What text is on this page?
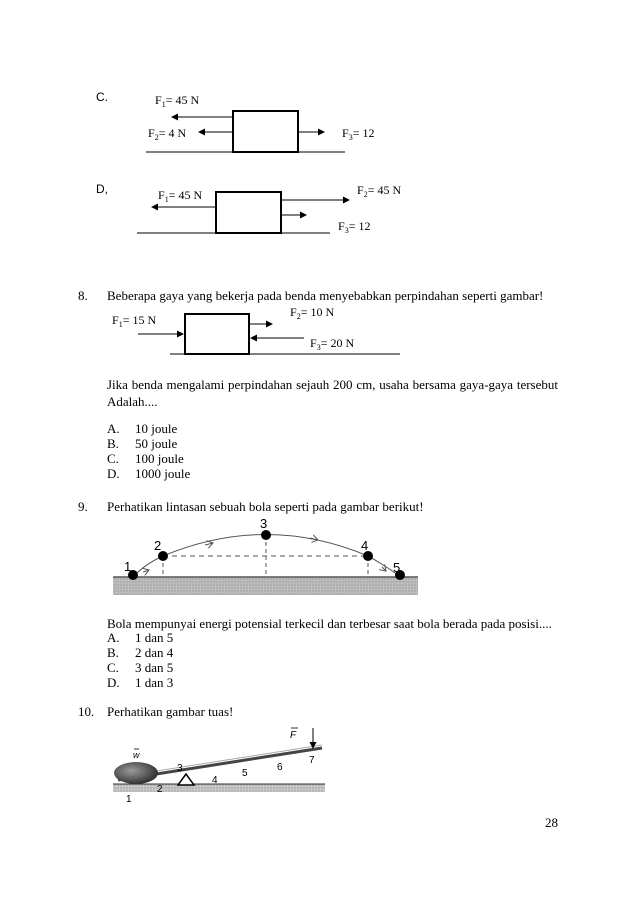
C.	$F_1= 45$ N
$F_2= 4$ N	$F_3= 12$
$F_1= 45$ N	$F_2= 45$ N
$F_3= 12$
D,
8. Beberapa gaya yang bekerja pada benda menyebabkan perpindahan seperti gambar!
$F_1= 15$ N
$F_2= 10$ N
$F_3= 20$ N
Jika benda mengalami perpindahan sejauh 200 cm, usaha bersama gaya-gaya tersebut
Adalah....
A. 10 joule
B. 50 joule
C. 100 joule
D. 1000 joule
9. Perhatikan lintasan sebuah bola seperti pada gambar berikut!
1
2
3
4
5
Bola mempunyai energi potensial terkecil dan terbesar saat bola berada pada posisi....
A. 1 dan 5
B. 2 dan 4
C. 3 dan 5
D. 1 dan 3
10. Perhatikan gambar tuas!
w
F
1
2
3
4
5
6
7
28
